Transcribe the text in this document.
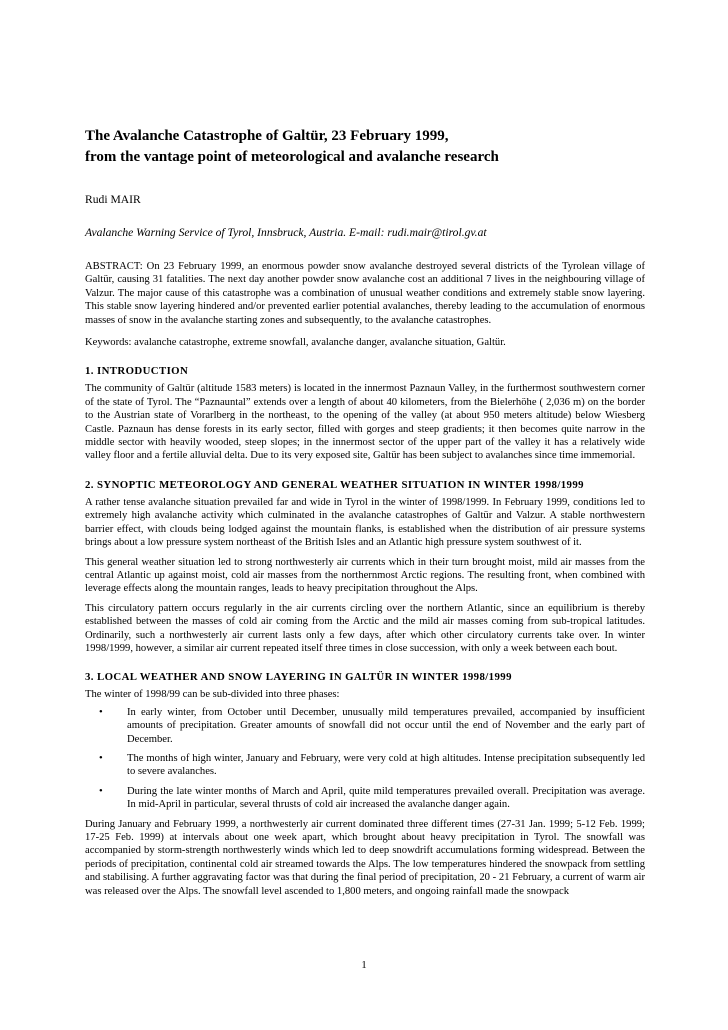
The Avalanche Catastrophe of Galtür, 23 February 1999,
from the vantage point of meteorological and avalanche research

Rudi MAIR

Avalanche Warning Service of Tyrol, Innsbruck, Austria. E-mail: rudi.mair@tirol.gv.at

ABSTRACT: On 23 February 1999, an enormous powder snow avalanche destroyed several districts of the Tyrolean village of Galtür, causing 31 fatalities. The next day another powder snow avalanche cost an additional 7 lives in the neighbouring village of Valzur. The major cause of this catastrophe was a combination of unusual weather conditions and extremely stable snow layering. This stable snow layering hindered and/or prevented earlier potential avalanches, thereby leading to the accumulation of enormous masses of snow in the avalanche starting zones and subsequently, to the avalanche catastrophes.

Keywords: avalanche catastrophe, extreme snowfall, avalanche danger, avalanche situation, Galtür.

1. INTRODUCTION

The community of Galtür (altitude 1583 meters) is located in the innermost Paznaun Valley, in the furthermost southwestern corner of the state of Tyrol. The “Paznauntal” extends over a length of about 40 kilometers, from the Bielerhöhe ( 2,036 m) on the border to the Austrian state of Vorarlberg in the northeast, to the opening of the valley (at about 950 meters altitude) below Wiesberg Castle. Paznaun has dense forests in its early sector, filled with gorges and steep gradients; it then becomes quite narrow in the middle sector with heavily wooded, steep slopes; in the innermost sector of the upper part of the valley it has a relatively wide valley floor and a fertile alluvial delta. Due to its very exposed site, Galtür has been subject to avalanches since time immemorial.

2. SYNOPTIC METEOROLOGY AND GENERAL WEATHER SITUATION IN WINTER 1998/1999

A rather tense avalanche situation prevailed far and wide in Tyrol in the winter of 1998/1999. In February 1999, conditions led to extremely high avalanche activity which culminated in the avalanche catastrophes of Galtür and Valzur. A stable northwestern barrier effect, with clouds being lodged against the mountain flanks, is established when the distribution of air pressure systems brings about a low pressure system northeast of the British Isles and an Atlantic high pressure system southwest of it.

This general weather situation led to strong northwesterly air currents which in their turn brought moist, mild air masses from the central Atlantic up against moist, cold air masses from the northernmost Arctic regions. The resulting front, when combined with leverage effects along the mountain ranges, leads to heavy precipitation throughout the Alps.

This circulatory pattern occurs regularly in the air currents circling over the northern Atlantic, since an equilibrium is thereby established between the masses of cold air coming from the Arctic and the mild air masses coming from sub-tropical latitudes. Ordinarily, such a northwesterly air current lasts only a few days, after which other circulatory currents take over. In winter 1998/1999, however, a similar air current repeated itself three times in close succession, with only a week between each bout.

3. LOCAL WEATHER AND SNOW LAYERING IN GALTÜR IN WINTER 1998/1999

The winter of 1998/99 can be sub-divided into three phases:

• In early winter, from October until December, unusually mild temperatures prevailed, accompanied by insufficient amounts of precipitation. Greater amounts of snowfall did not occur until the end of November and the early part of December.
• The months of high winter, January and February, were very cold at high altitudes. Intense precipitation subsequently led to severe avalanches.
• During the late winter months of March and April, quite mild temperatures prevailed overall. Precipitation was average. In mid-April in particular, several thrusts of cold air increased the avalanche danger again.

During January and February 1999, a northwesterly air current dominated three different times (27-31 Jan. 1999; 5-12 Feb. 1999; 17-25 Feb. 1999) at intervals about one week apart, which brought about heavy precipitation in Tyrol. The snowfall was accompanied by storm-strength northwesterly winds which led to deep snowdrift accumulations forming widespread. Between the periods of precipitation, continental cold air streamed towards the Alps. The low temperatures hindered the snowpack from settling and stabilising. A further aggravating factor was that during the final period of precipitation, 20 - 21 February, a current of warm air was released over the Alps. The snowfall level ascended to 1,800 meters, and ongoing rainfall made the snowpack

1
